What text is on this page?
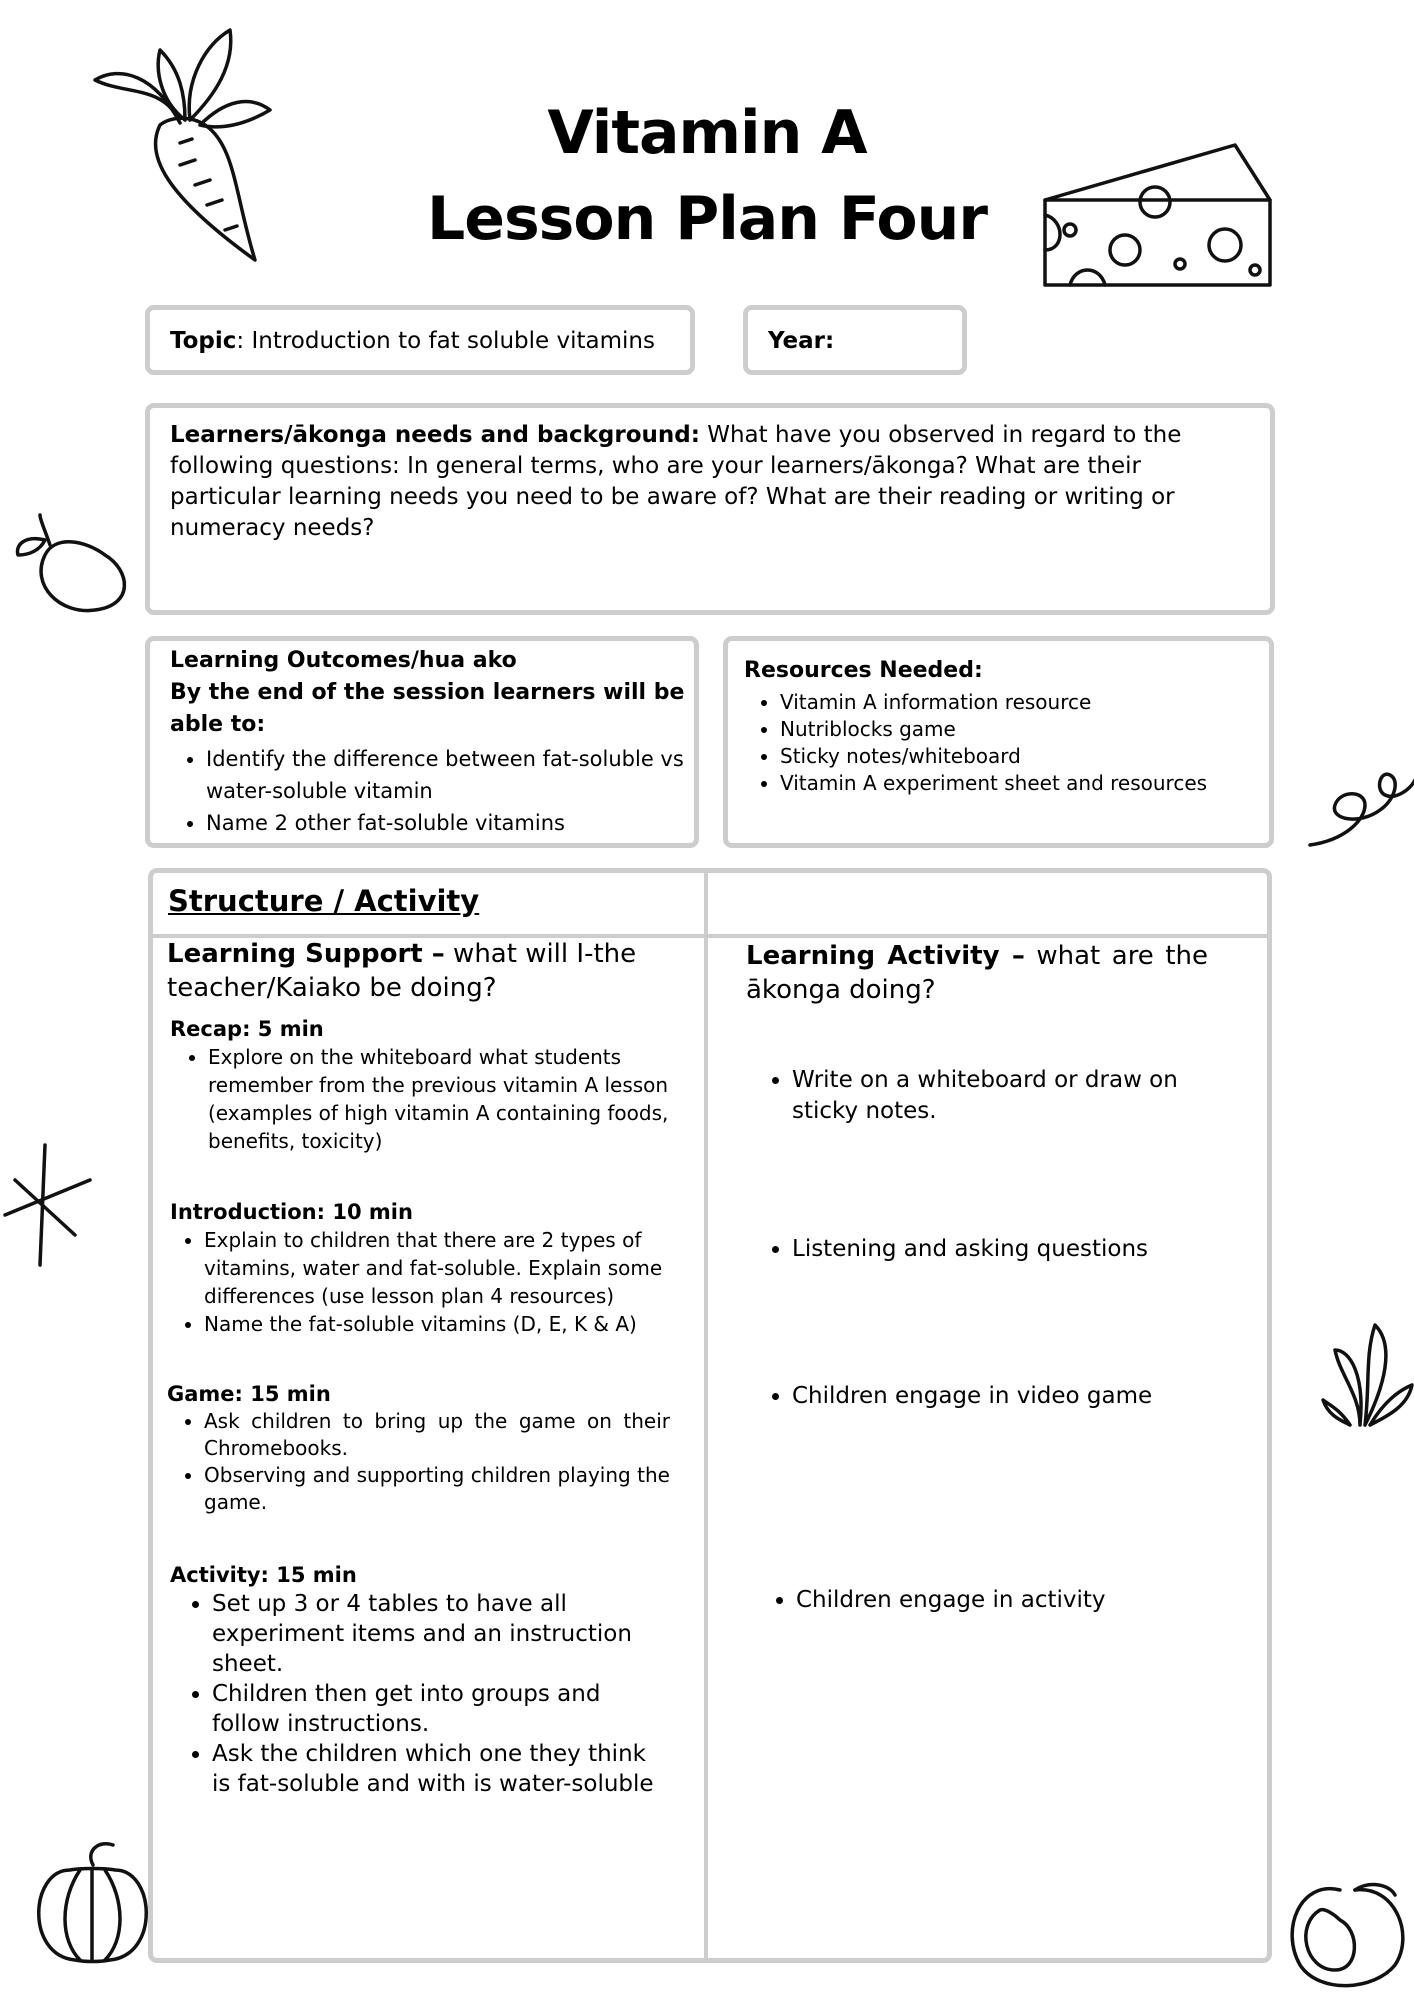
Vitamin A
Lesson Plan Four
Topic: Introduction to fat soluble vitamins	Year:
Learners/ākonga needs and background: What have you observed in regard to the following questions: In general terms, who are your learners/ākonga? What are their particular learning needs you need to be aware of? What are their reading or writing or numeracy needs?
Learning Outcomes/hua ako
By the end of the session learners will be able to:
• Identify the difference between fat-soluble vs water-soluble vitamin
• Name 2 other fat-soluble vitamins
Resources Needed:
• Vitamin A information resource
• Nutriblocks game
• Sticky notes/whiteboard
• Vitamin A experiment sheet and resources
Structure / Activity
Learning Support – what will I-the teacher/Kaiako be doing?
Learning Activity – what are the ākonga doing?
Recap: 5 min
• Explore on the whiteboard what students remember from the previous vitamin A lesson (examples of high vitamin A containing foods, benefits, toxicity)
• Write on a whiteboard or draw on sticky notes.
Introduction: 10 min
• Explain to children that there are 2 types of vitamins, water and fat-soluble. Explain some differences (use lesson plan 4 resources)
• Name the fat-soluble vitamins (D, E, K & A)
• Listening and asking questions
Game: 15 min
• Ask children to bring up the game on their Chromebooks.
• Observing and supporting children playing the game.
• Children engage in video game
Activity: 15 min
• Set up 3 or 4 tables to have all experiment items and an instruction sheet.
• Children then get into groups and follow instructions.
• Ask the children which one they think is fat-soluble and with is water-soluble
• Children engage in activity
